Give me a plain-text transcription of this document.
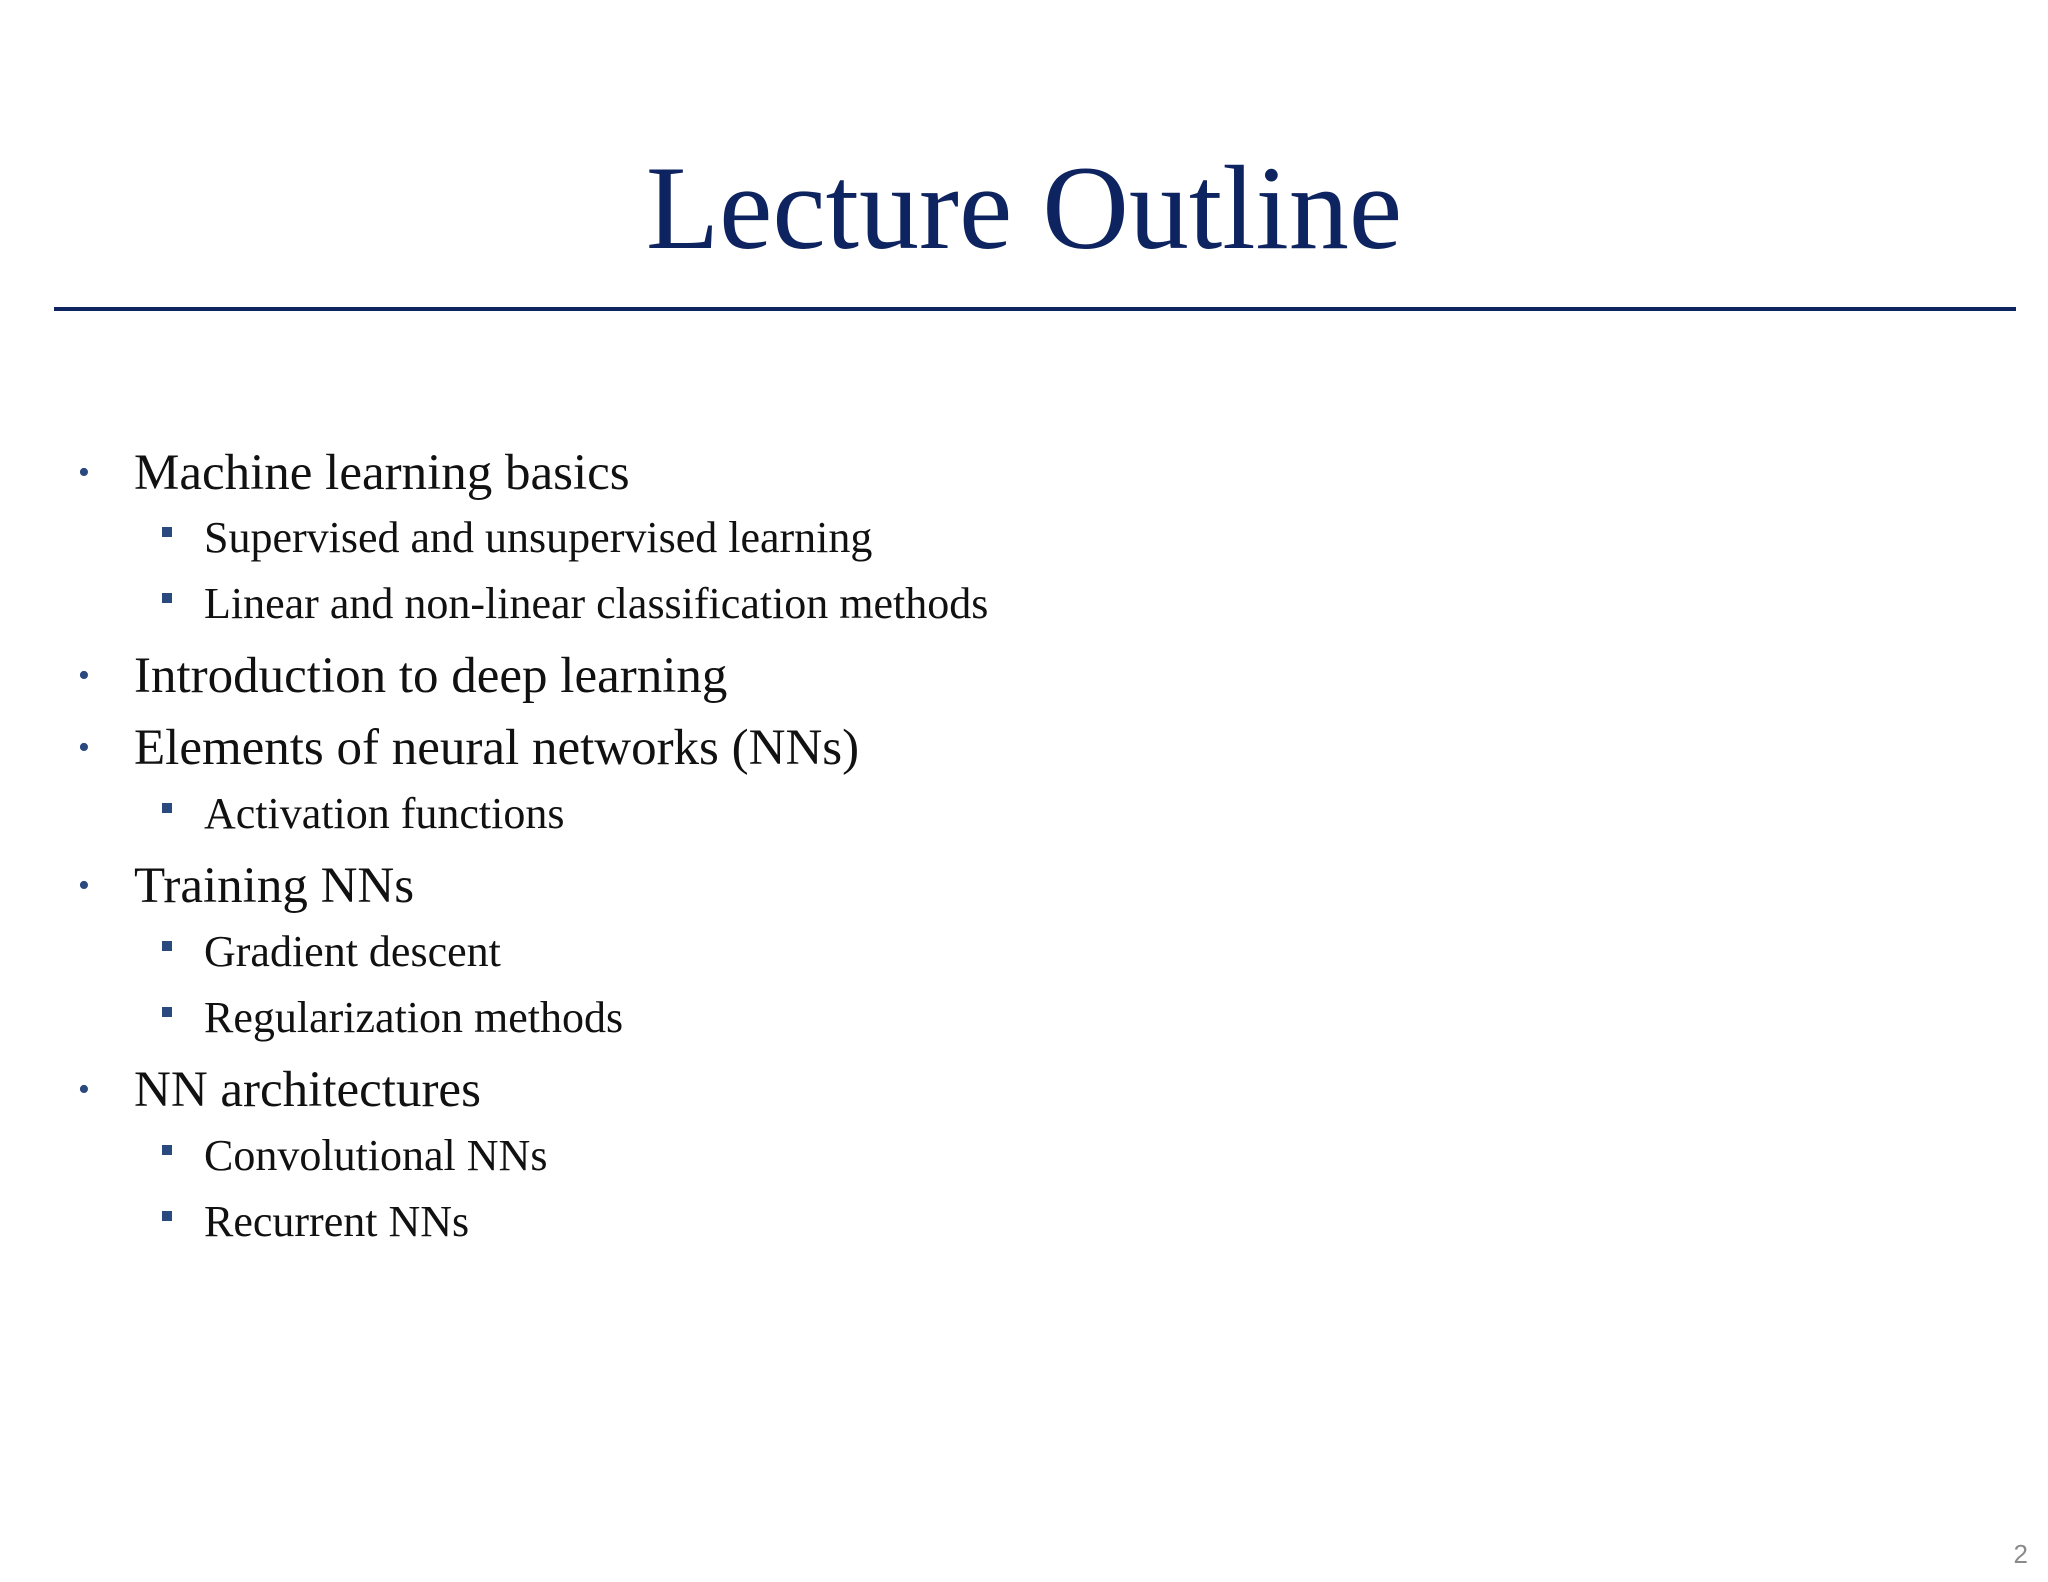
Lecture Outline
• Machine learning basics
Supervised and unsupervised learning
Linear and non-linear classification methods
• Introduction to deep learning
• Elements of neural networks (NNs)
Activation functions
• Training NNs
Gradient descent
Regularization methods
• NN architectures
Convolutional NNs
Recurrent NNs
2
